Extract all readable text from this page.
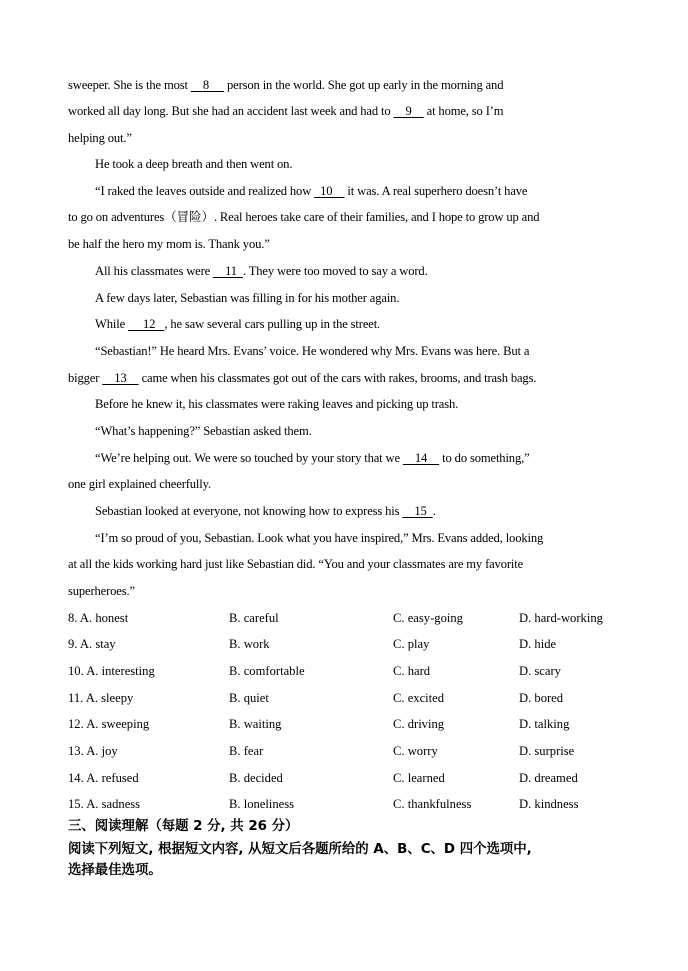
sweeper. She is the most     8      person in the world. She got up early in the morning and
worked all day long. But she had an accident last week and had to     9     at home, so I’m
helping out.”
He took a deep breath and then went on.
“I raked the leaves outside and realized how   10     it was. A real superhero doesn’t have
to go on adventures（冒险）. Real heroes take care of their families, and I hope to grow up and
be half the hero my mom is. Thank you.”
All his classmates were     11 . They were too moved to say a word.
A few days later, Sebastian was filling in for his mother again.
While      12 , he saw several cars pulling up in the street.
“Sebastian!” He heard Mrs. Evans’ voice. He wondered why Mrs. Evans was here. But a
bigger     13     came when his classmates got out of the cars with rakes, brooms, and trash bags.
Before he knew it, his classmates were raking leaves and picking up trash.
“What’s happening?” Sebastian asked them.
“We’re helping out. We were so touched by your story that we     14     to do something,”
one girl explained cheerfully.
Sebastian looked at everyone, not knowing how to express his     15 .
“I’m so proud of you, Sebastian. Look what you have inspired,” Mrs. Evans added, looking
at all the kids working hard just like Sebastian did. “You and your classmates are my favorite
superheroes.”
8. A. honest	B. careful	C. easy-going	D. hard-working
9. A. stay	B. work	C. play	D. hide
10. A. interesting	B. comfortable	C. hard	D. scary
11. A. sleepy	B. quiet	C. excited	D. bored
12. A. sweeping	B. waiting	C. driving	D. talking
13. A. joy	B. fear	C. worry	D. surprise
14. A. refused	B. decided	C. learned	D. dreamed
15. A. sadness	B. loneliness	C. thankfulness	D. kindness
三、阅读理解（每题 2 分, 共 26 分）
阅读下列短文, 根据短文内容, 从短文后各题所给的 A、B、C、D 四个选项中,
选择最佳选项。
